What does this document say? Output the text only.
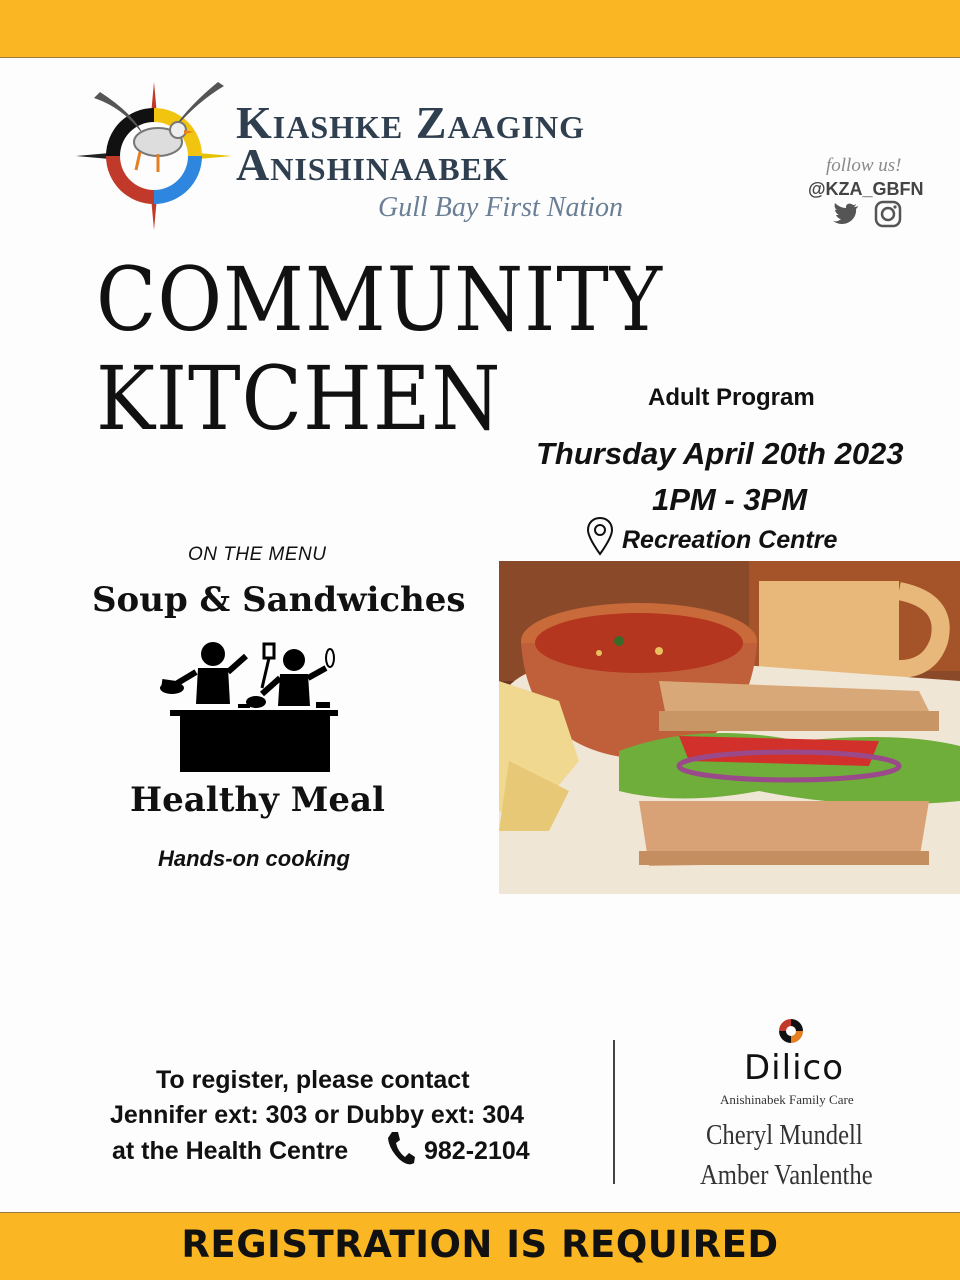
Kiashke Zaaging
Anishinaabek
Gull Bay First Nation
follow us!
@KZA_GBFN
COMMUNITY
KITCHEN	Adult Program
Thursday April 20th 2023
1PM - 3PM
Recreation Centre
ON THE MENU
Soup & Sandwiches
Healthy Meal
Hands-on cooking
To register, please contact
Jennifer ext: 303 or Dubby ext: 304
at the Health Centre	982-2104
Dilico
Anishinabek Family Care
Cheryl Mundell
Amber Vanlenthe
REGISTRATION IS REQUIRED
